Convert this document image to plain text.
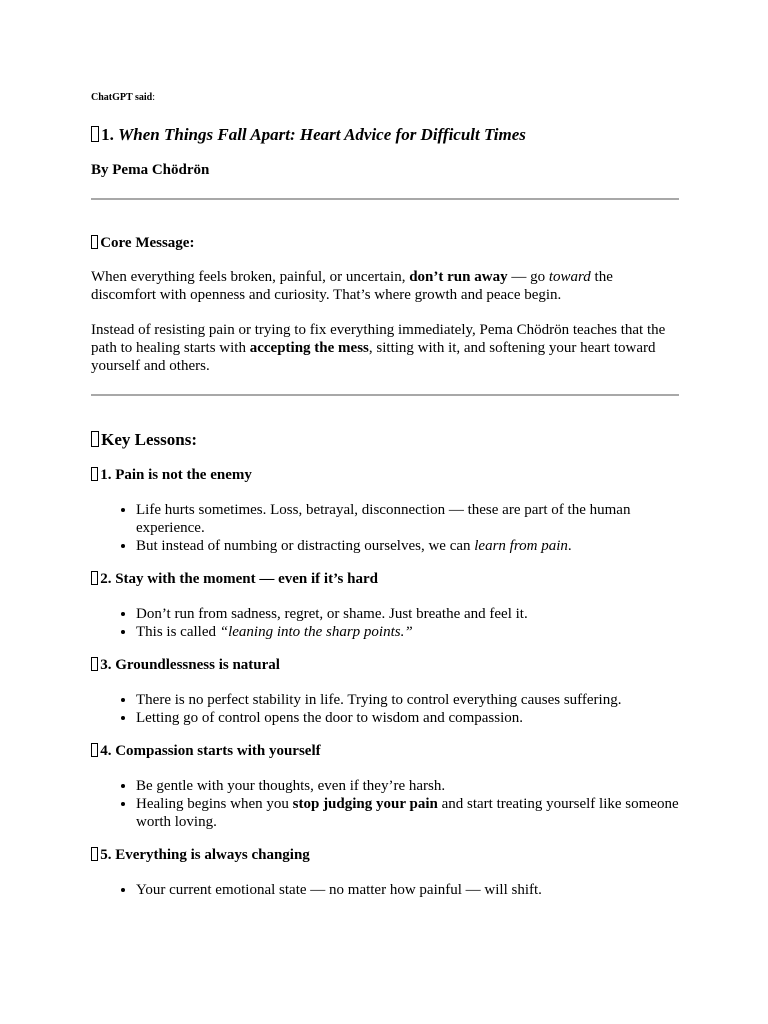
ChatGPT said:

1. When Things Fall Apart: Heart Advice for Difficult Times

By Pema Chödrön

Core Message:

When everything feels broken, painful, or uncertain, don’t run away — go toward the discomfort with openness and curiosity. That’s where growth and peace begin.

Instead of resisting pain or trying to fix everything immediately, Pema Chödrön teaches that the path to healing starts with accepting the mess, sitting with it, and softening your heart toward yourself and others.

Key Lessons:
1. Pain is not the enemy
• Life hurts sometimes. Loss, betrayal, disconnection — these are part of the human experience.
• But instead of numbing or distracting ourselves, we can learn from pain.
2. Stay with the moment — even if it’s hard
• Don’t run from sadness, regret, or shame. Just breathe and feel it.
• This is called “leaning into the sharp points.”
3. Groundlessness is natural
• There is no perfect stability in life. Trying to control everything causes suffering.
• Letting go of control opens the door to wisdom and compassion.
4. Compassion starts with yourself
• Be gentle with your thoughts, even if they’re harsh.
• Healing begins when you stop judging your pain and start treating yourself like someone worth loving.
5. Everything is always changing
• Your current emotional state — no matter how painful — will shift.
